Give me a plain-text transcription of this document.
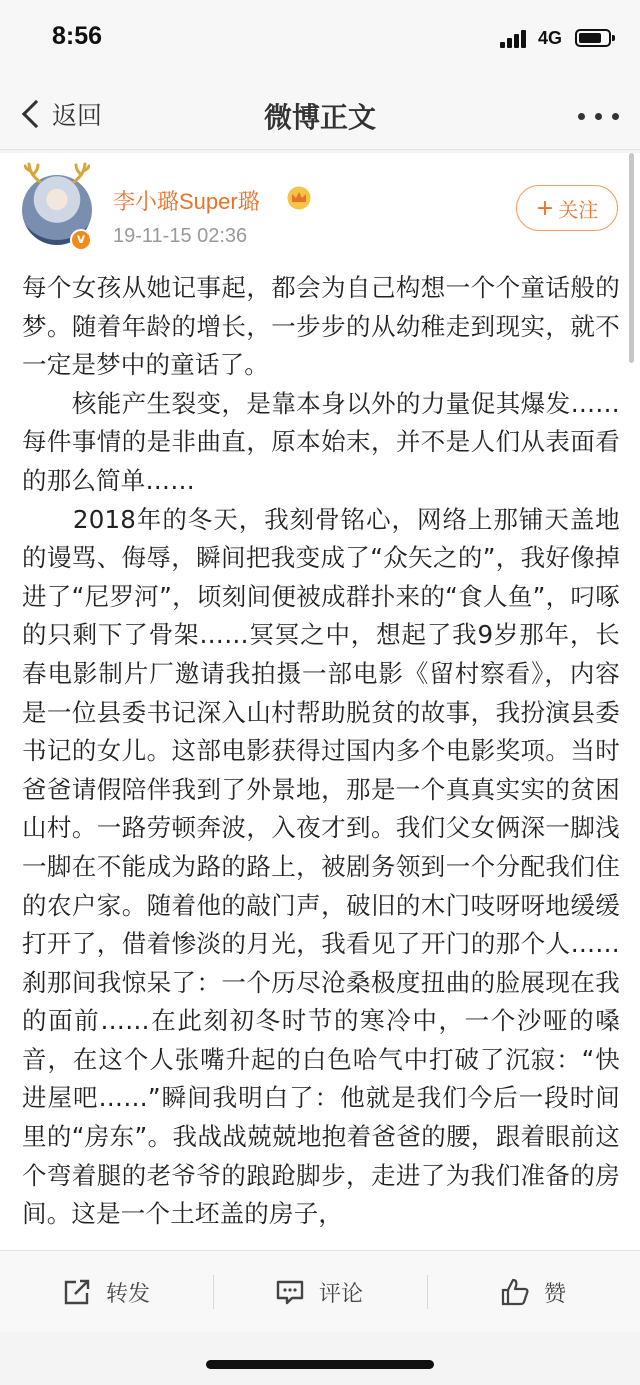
8:56	4G
返回	微博正文
v
李小璐Super璐
19-11-15 02:36
+ 关注

每个女孩从她记事起，都会为自己构想一个个童话般的梦。随着年龄的增长，一步步的从幼稚走到现实，就不一定是梦中的童话了。

　　核能产生裂变，是靠本身以外的力量促其爆发……每件事情的是非曲直，原本始末，并不是人们从表面看的那么简单……

　　2018年的冬天，我刻骨铭心，网络上那铺天盖地的谩骂、侮辱，瞬间把我变成了“众矢之的”，我好像掉进了“尼罗河”，顷刻间便被成群扑来的“食人鱼”，叼啄的只剩下了骨架……冥冥之中，想起了我9岁那年，长春电影制片厂邀请我拍摄一部电影《留村察看》，内容是一位县委书记深入山村帮助脱贫的故事，我扮演县委书记的女儿。这部电影获得过国内多个电影奖项。当时爸爸请假陪伴我到了外景地，那是一个真真实实的贫困山村。一路劳顿奔波，入夜才到。我们父女俩深一脚浅一脚在不能成为路的路上，被剧务领到一个分配我们住的农户家。随着他的敲门声，破旧的木门吱呀呀地缓缓打开了，借着惨淡的月光，我看见了开门的那个人……刹那间我惊呆了：一个历尽沧桑极度扭曲的脸展现在我的面前……在此刻初冬时节的寒冷中，一个沙哑的嗓音，在这个人张嘴升起的白色哈气中打破了沉寂：“快进屋吧……”瞬间我明白了：他就是我们今后一段时间里的“房东”。我战战兢兢地抱着爸爸的腰，跟着眼前这个弯着腿的老爷爷的踉跄脚步，走进了为我们准备的房间。这是一个土坯盖的房子，

转发	评论	赞
